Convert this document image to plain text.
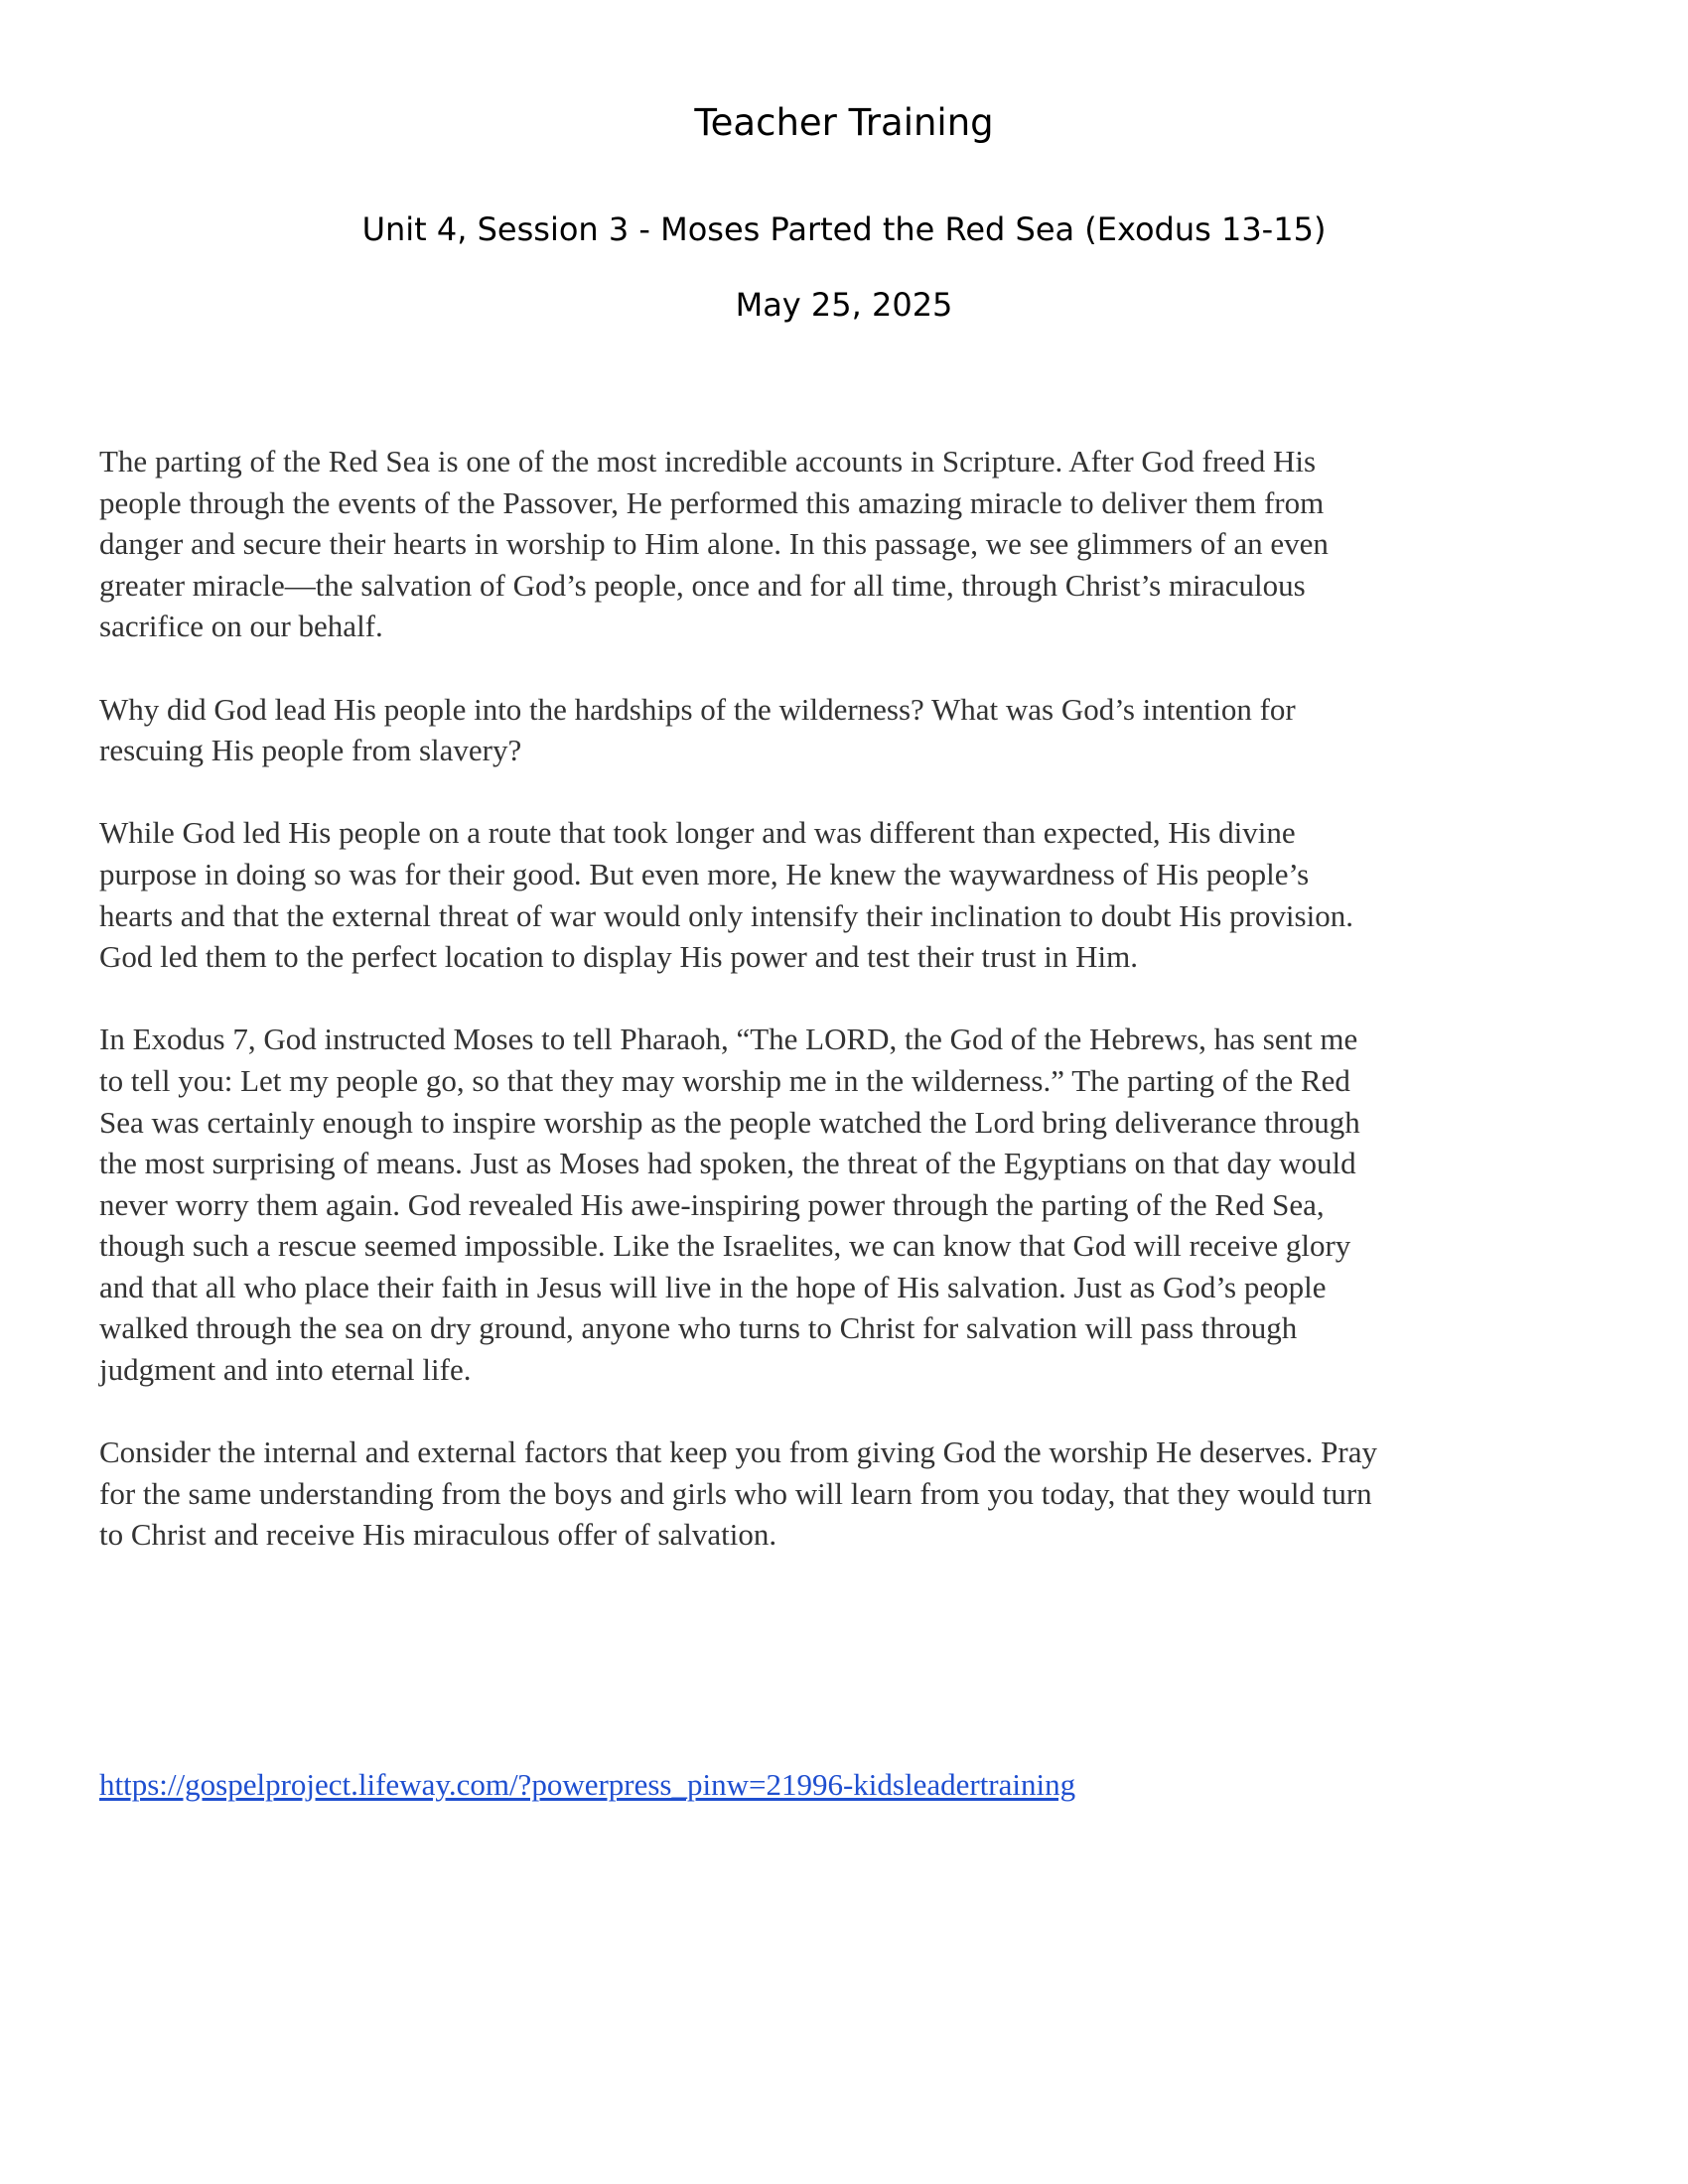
Teacher Training
Unit 4, Session 3 - Moses Parted the Red Sea (Exodus 13-15)
May 25, 2025

The parting of the Red Sea is one of the most incredible accounts in Scripture. After God freed His
people through the events of the Passover, He performed this amazing miracle to deliver them from
danger and secure their hearts in worship to Him alone. In this passage, we see glimmers of an even
greater miracle—the salvation of God’s people, once and for all time, through Christ’s miraculous
sacrifice on our behalf.

Why did God lead His people into the hardships of the wilderness? What was God’s intention for
rescuing His people from slavery?

While God led His people on a route that took longer and was different than expected, His divine
purpose in doing so was for their good. But even more, He knew the waywardness of His people’s
hearts and that the external threat of war would only intensify their inclination to doubt His provision.
God led them to the perfect location to display His power and test their trust in Him.

In Exodus 7, God instructed Moses to tell Pharaoh, “The LORD, the God of the Hebrews, has sent me
to tell you: Let my people go, so that they may worship me in the wilderness.” The parting of the Red
Sea was certainly enough to inspire worship as the people watched the Lord bring deliverance through
the most surprising of means. Just as Moses had spoken, the threat of the Egyptians on that day would
never worry them again. God revealed His awe-inspiring power through the parting of the Red Sea,
though such a rescue seemed impossible. Like the Israelites, we can know that God will receive glory
and that all who place their faith in Jesus will live in the hope of His salvation. Just as God’s people
walked through the sea on dry ground, anyone who turns to Christ for salvation will pass through
judgment and into eternal life.

Consider the internal and external factors that keep you from giving God the worship He deserves. Pray
for the same understanding from the boys and girls who will learn from you today, that they would turn
to Christ and receive His miraculous offer of salvation.

https://gospelproject.lifeway.com/?powerpress_pinw=21996-kidsleadertraining
